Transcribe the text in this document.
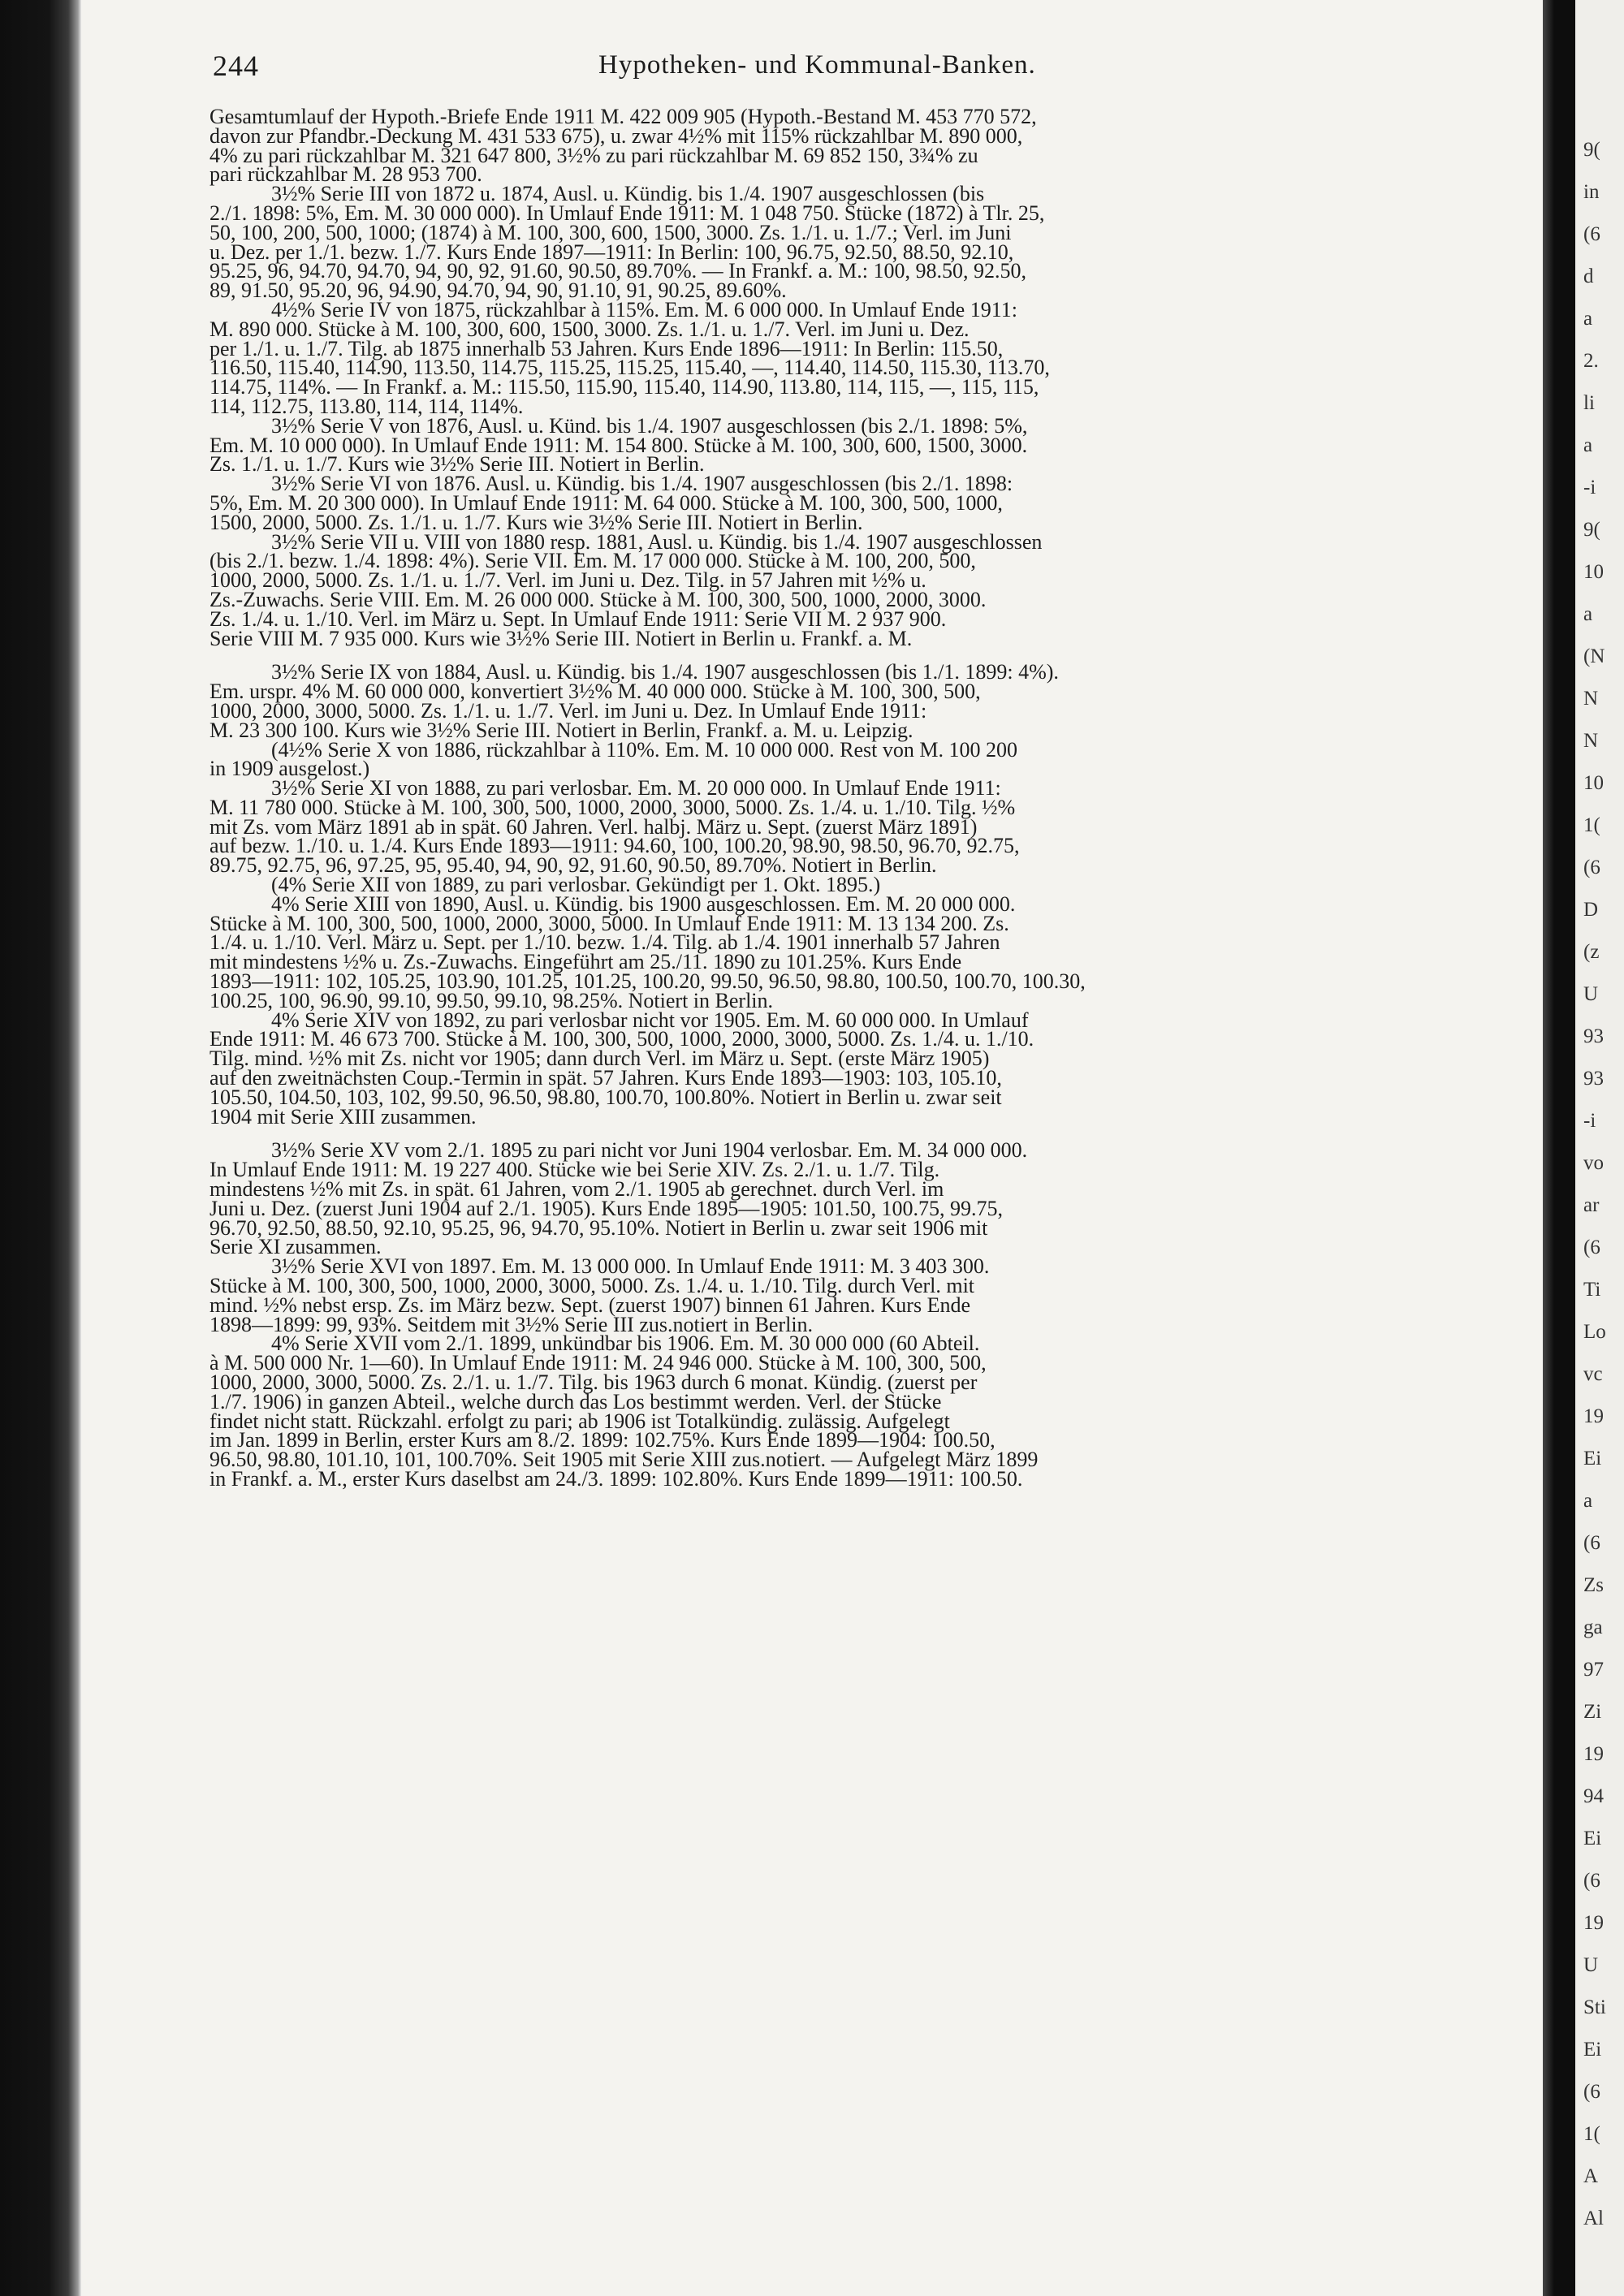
244	Hypotheken- und Kommunal-Banken.

Gesamtumlauf der Hypoth.-Briefe Ende 1911 M. 422 009 905 (Hypoth.-Bestand M. 453 770 572,
davon zur Pfandbr.-Deckung M. 431 533 675), u. zwar 4½% mit 115% rückzahlbar M. 890 000,
4% zu pari rückzahlbar M. 321 647 800, 3½% zu pari rückzahlbar M. 69 852 150, 3¾% zu
pari rückzahlbar M. 28 953 700.

3½% Serie III von 1872 u. 1874, Ausl. u. Kündig. bis 1./4. 1907 ausgeschlossen (bis
2./1. 1898: 5%, Em. M. 30 000 000). In Umlauf Ende 1911: M. 1 048 750. Stücke (1872) à Tlr. 25,
50, 100, 200, 500, 1000; (1874) à M. 100, 300, 600, 1500, 3000. Zs. 1./1. u. 1./7.; Verl. im Juni
u. Dez. per 1./1. bezw. 1./7. Kurs Ende 1897—1911: In Berlin: 100, 96.75, 92.50, 88.50, 92.10,
95.25, 96, 94.70, 94.70, 94, 90, 92, 91.60, 90.50, 89.70%. — In Frankf. a. M.: 100, 98.50, 92.50,
89, 91.50, 95.20, 96, 94.90, 94.70, 94, 90, 91.10, 91, 90.25, 89.60%.

4½% Serie IV von 1875, rückzahlbar à 115%. Em. M. 6 000 000. In Umlauf Ende 1911:
M. 890 000. Stücke à M. 100, 300, 600, 1500, 3000. Zs. 1./1. u. 1./7. Verl. im Juni u. Dez.
per 1./1. u. 1./7. Tilg. ab 1875 innerhalb 53 Jahren. Kurs Ende 1896—1911: In Berlin: 115.50,
116.50, 115.40, 114.90, 113.50, 114.75, 115.25, 115.25, 115.40, —, 114.40, 114.50, 115.30, 113.70,
114.75, 114%. — In Frankf. a. M.: 115.50, 115.90, 115.40, 114.90, 113.80, 114, 115, —, 115, 115,
114, 112.75, 113.80, 114, 114, 114%.

3½% Serie V von 1876, Ausl. u. Künd. bis 1./4. 1907 ausgeschlossen (bis 2./1. 1898: 5%,
Em. M. 10 000 000). In Umlauf Ende 1911: M. 154 800. Stücke à M. 100, 300, 600, 1500, 3000.
Zs. 1./1. u. 1./7. Kurs wie 3½% Serie III. Notiert in Berlin.

3½% Serie VI von 1876. Ausl. u. Kündig. bis 1./4. 1907 ausgeschlossen (bis 2./1. 1898:
5%, Em. M. 20 300 000). In Umlauf Ende 1911: M. 64 000. Stücke à M. 100, 300, 500, 1000,
1500, 2000, 5000. Zs. 1./1. u. 1./7. Kurs wie 3½% Serie III. Notiert in Berlin.

3½% Serie VII u. VIII von 1880 resp. 1881, Ausl. u. Kündig. bis 1./4. 1907 ausgeschlossen
(bis 2./1. bezw. 1./4. 1898: 4%). Serie VII. Em. M. 17 000 000. Stücke à M. 100, 200, 500,
1000, 2000, 5000. Zs. 1./1. u. 1./7. Verl. im Juni u. Dez. Tilg. in 57 Jahren mit ½% u.
Zs.-Zuwachs. Serie VIII. Em. M. 26 000 000. Stücke à M. 100, 300, 500, 1000, 2000, 3000.
Zs. 1./4. u. 1./10. Verl. im März u. Sept. In Umlauf Ende 1911: Serie VII M. 2 937 900.
Serie VIII M. 7 935 000. Kurs wie 3½% Serie III. Notiert in Berlin u. Frankf. a. M.

3½% Serie IX von 1884, Ausl. u. Kündig. bis 1./4. 1907 ausgeschlossen (bis 1./1. 1899: 4%).
Em. urspr. 4% M. 60 000 000, konvertiert 3½% M. 40 000 000. Stücke à M. 100, 300, 500,
1000, 2000, 3000, 5000. Zs. 1./1. u. 1./7. Verl. im Juni u. Dez. In Umlauf Ende 1911:
M. 23 300 100. Kurs wie 3½% Serie III. Notiert in Berlin, Frankf. a. M. u. Leipzig.

(4½% Serie X von 1886, rückzahlbar à 110%. Em. M. 10 000 000. Rest von M. 100 200
in 1909 ausgelost.)

3½% Serie XI von 1888, zu pari verlosbar. Em. M. 20 000 000. In Umlauf Ende 1911:
M. 11 780 000. Stücke à M. 100, 300, 500, 1000, 2000, 3000, 5000. Zs. 1./4. u. 1./10. Tilg. ½%
mit Zs. vom März 1891 ab in spät. 60 Jahren. Verl. halbj. März u. Sept. (zuerst März 1891)
auf bezw. 1./10. u. 1./4. Kurs Ende 1893—1911: 94.60, 100, 100.20, 98.90, 98.50, 96.70, 92.75,
89.75, 92.75, 96, 97.25, 95, 95.40, 94, 90, 92, 91.60, 90.50, 89.70%. Notiert in Berlin.

(4% Serie XII von 1889, zu pari verlosbar. Gekündigt per 1. Okt. 1895.)

4% Serie XIII von 1890, Ausl. u. Kündig. bis 1900 ausgeschlossen. Em. M. 20 000 000.
Stücke à M. 100, 300, 500, 1000, 2000, 3000, 5000. In Umlauf Ende 1911: M. 13 134 200. Zs.
1./4. u. 1./10. Verl. März u. Sept. per 1./10. bezw. 1./4. Tilg. ab 1./4. 1901 innerhalb 57 Jahren
mit mindestens ½% u. Zs.-Zuwachs. Eingeführt am 25./11. 1890 zu 101.25%. Kurs Ende
1893—1911: 102, 105.25, 103.90, 101.25, 101.25, 100.20, 99.50, 96.50, 98.80, 100.50, 100.70, 100.30,
100.25, 100, 96.90, 99.10, 99.50, 99.10, 98.25%. Notiert in Berlin.

4% Serie XIV von 1892, zu pari verlosbar nicht vor 1905. Em. M. 60 000 000. In Umlauf
Ende 1911: M. 46 673 700. Stücke à M. 100, 300, 500, 1000, 2000, 3000, 5000. Zs. 1./4. u. 1./10.
Tilg. mind. ½% mit Zs. nicht vor 1905; dann durch Verl. im März u. Sept. (erste März 1905)
auf den zweitnächsten Coup.-Termin in spät. 57 Jahren. Kurs Ende 1893—1903: 103, 105.10,
105.50, 104.50, 103, 102, 99.50, 96.50, 98.80, 100.70, 100.80%. Notiert in Berlin u. zwar seit
1904 mit Serie XIII zusammen.

3½% Serie XV vom 2./1. 1895 zu pari nicht vor Juni 1904 verlosbar. Em. M. 34 000 000.
In Umlauf Ende 1911: M. 19 227 400. Stücke wie bei Serie XIV. Zs. 2./1. u. 1./7. Tilg.
mindestens ½% mit Zs. in spät. 61 Jahren, vom 2./1. 1905 ab gerechnet. durch Verl. im
Juni u. Dez. (zuerst Juni 1904 auf 2./1. 1905). Kurs Ende 1895—1905: 101.50, 100.75, 99.75,
96.70, 92.50, 88.50, 92.10, 95.25, 96, 94.70, 95.10%. Notiert in Berlin u. zwar seit 1906 mit
Serie XI zusammen.

3½% Serie XVI von 1897. Em. M. 13 000 000. In Umlauf Ende 1911: M. 3 403 300.
Stücke à M. 100, 300, 500, 1000, 2000, 3000, 5000. Zs. 1./4. u. 1./10. Tilg. durch Verl. mit
mind. ½% nebst ersp. Zs. im März bezw. Sept. (zuerst 1907) binnen 61 Jahren. Kurs Ende
1898—1899: 99, 93%. Seitdem mit 3½% Serie III zus.notiert in Berlin.

4% Serie XVII vom 2./1. 1899, unkündbar bis 1906. Em. M. 30 000 000 (60 Abteil.
à M. 500 000 Nr. 1—60). In Umlauf Ende 1911: M. 24 946 000. Stücke à M. 100, 300, 500,
1000, 2000, 3000, 5000. Zs. 2./1. u. 1./7. Tilg. bis 1963 durch 6 monat. Kündig. (zuerst per
1./7. 1906) in ganzen Abteil., welche durch das Los bestimmt werden. Verl. der Stücke
findet nicht statt. Rückzahl. erfolgt zu pari; ab 1906 ist Totalkündig. zulässig. Aufgelegt
im Jan. 1899 in Berlin, erster Kurs am 8./2. 1899: 102.75%. Kurs Ende 1899—1904: 100.50,
96.50, 98.80, 101.10, 101, 100.70%. Seit 1905 mit Serie XIII zus.notiert. — Aufgelegt März 1899
in Frankf. a. M., erster Kurs daselbst am 24./3. 1899: 102.80%. Kurs Ende 1899—1911: 100.50.

9(
in
(6
d
a
2.
li
a
-i
9(
10
a
(N
N
N
10
1(
(6
D
(z
U
93
93
-i
vo
ar
(6
Ti
Lo
vc
19
Ei
a
(6
Zs
ga
97
Zi
19
94
Ei
(6
19
U
Sti
Ei
(6
1(
A
Al
